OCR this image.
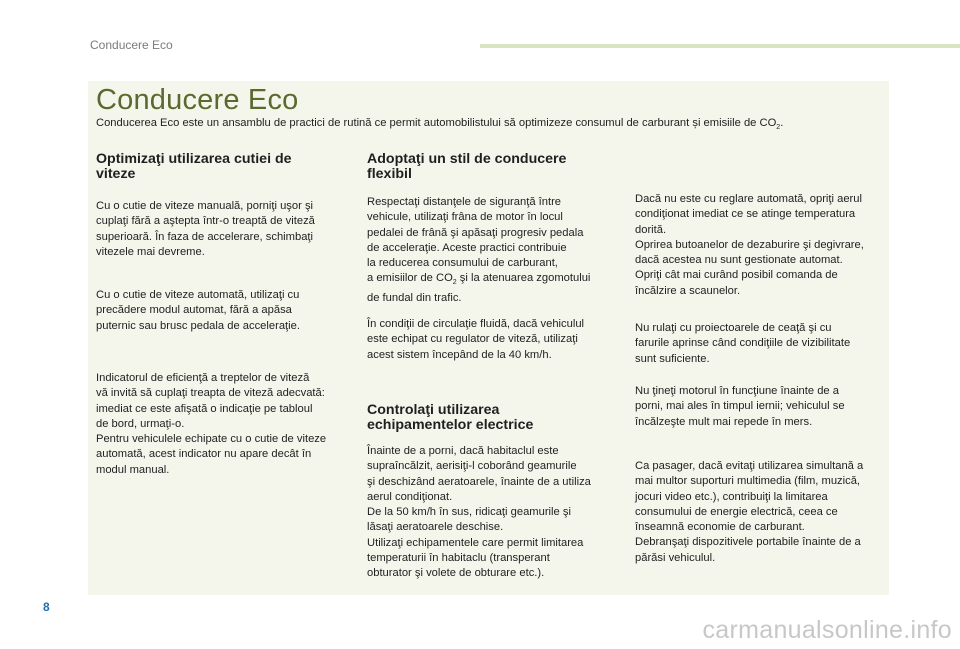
Conducere Eco
Conducere Eco
Conducerea Eco este un ansamblu de practici de rutină ce permit automobilistului să optimizeze consumul de carburant și emisiile de $CO_2$.
Optimizaţi utilizarea cutiei de
viteze

Cu o cutie de viteze manuală, porniţi uşor şi
cuplaţi fără a aştepta într-o treaptă de viteză
superioară. În faza de accelerare, schimbaţi
vitezele mai devreme.

Cu o cutie de viteze automată, utilizaţi cu
precădere modul automat, fără a apăsa
puternic sau brusc pedala de acceleraţie.

Indicatorul de eficienţă a treptelor de viteză
vă invită să cuplaţi treapta de viteză adecvată:
imediat ce este afişată o indicaţie pe tabloul
de bord, urmaţi-o.
Pentru vehiculele echipate cu o cutie de viteze
automată, acest indicator nu apare decât în
modul manual.

Adoptaţi un stil de conducere
flexibil

Respectaţi distanţele de siguranţă între
vehicule, utilizaţi frâna de motor în locul
pedalei de frână şi apăsaţi progresiv pedala
de acceleraţie. Aceste practici contribuie
la reducerea consumului de carburant,
a emisiilor de $CO_2$ şi la atenuarea zgomotului
de fundal din trafic.

În condiţii de circulaţie fluidă, dacă vehiculul
este echipat cu regulator de viteză, utilizaţi
acest sistem începând de la 40 km/h.

Controlaţi utilizarea
echipamentelor electrice

Înainte de a porni, dacă habitaclul este
supraîncălzit, aerisiţi-l coborând geamurile
şi deschizând aeratoarele, înainte de a utiliza
aerul condiţionat.
De la 50 km/h în sus, ridicaţi geamurile şi
lăsaţi aeratoarele deschise.
Utilizaţi echipamentele care permit limitarea
temperaturii în habitaclu (transperant
obturator şi volete de obturare etc.).

Dacă nu este cu reglare automată, opriţi aerul
condiţionat imediat ce se atinge temperatura
dorită.
Oprirea butoanelor de dezaburire şi degivrare,
dacă acestea nu sunt gestionate automat.
Opriţi cât mai curând posibil comanda de
încălzire a scaunelor.

Nu rulaţi cu proiectoarele de ceaţă şi cu
farurile aprinse când condiţiile de vizibilitate
sunt suficiente.

Nu ţineţi motorul în funcţiune înainte de a
porni, mai ales în timpul iernii; vehiculul se
încălzeşte mult mai repede în mers.

Ca pasager, dacă evitaţi utilizarea simultană a
mai multor suporturi multimedia (film, muzică,
jocuri video etc.), contribuiţi la limitarea
consumului de energie electrică, ceea ce
înseamnă economie de carburant.
Debranşaţi dispozitivele portabile înainte de a
părăsi vehiculul.

8
carmanualsonline.info
